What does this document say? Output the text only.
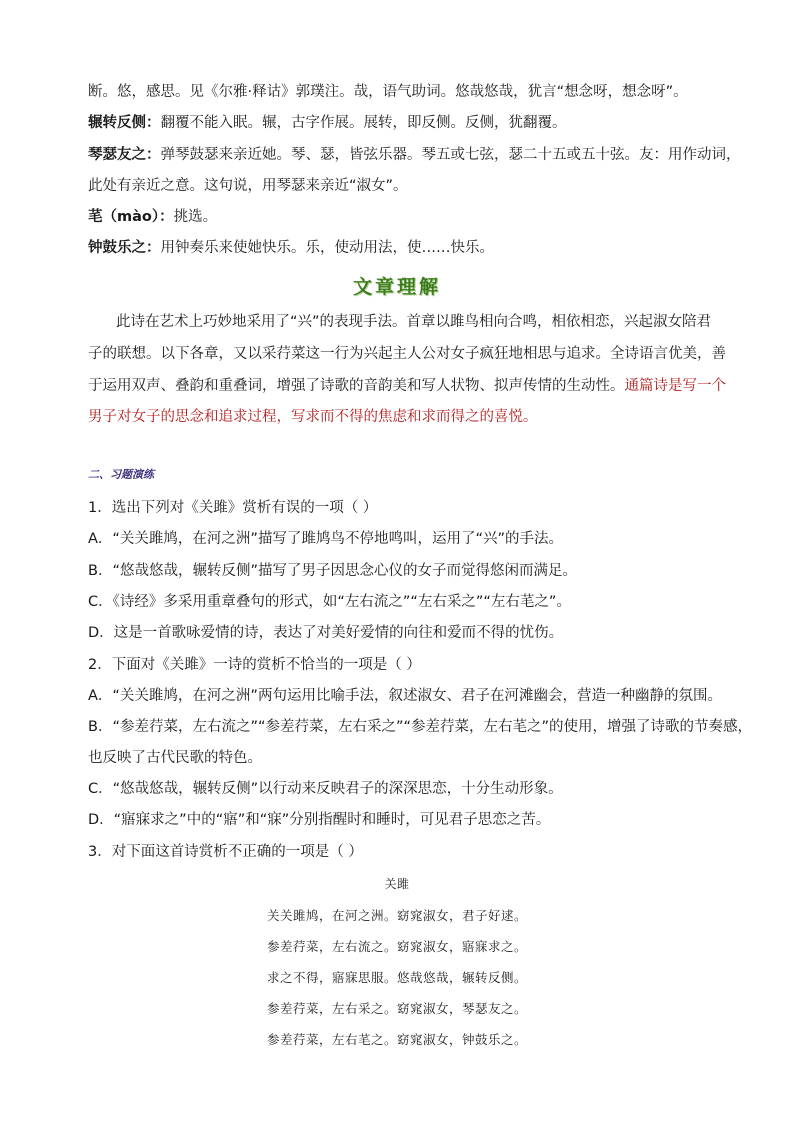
断。悠，感思。见《尔雅·释诂》郭璞注。哉，语气助词。悠哉悠哉，犹言“想念呀，想念呀”。
辗转反侧：翻覆不能入眠。辗，古字作展。展转，即反侧。反侧，犹翻覆。
琴瑟友之：弹琴鼓瑟来亲近她。琴、瑟，皆弦乐器。琴五或七弦，瑟二十五或五十弦。友：用作动词，
此处有亲近之意。这句说，用琴瑟来亲近“淑女”。
芼（mào）：挑选。
钟鼓乐之：用钟奏乐来使她快乐。乐，使动用法，使……快乐。
文章理解
此诗在艺术上巧妙地采用了“兴”的表现手法。首章以雎鸟相向合鸣，相依相恋，兴起淑女陪君
子的联想。以下各章，又以采荇菜这一行为兴起主人公对女子疯狂地相思与追求。全诗语言优美，善
于运用双声、叠韵和重叠词，增强了诗歌的音韵美和写人状物、拟声传情的生动性。通篇诗是写一个
男子对女子的思念和追求过程，写求而不得的焦虑和求而得之的喜悦。
二、习题演练
1．选出下列对《关雎》赏析有误的一项（ ）
A．“关关雎鸠，在河之洲”描写了雎鸠鸟不停地鸣叫，运用了“兴”的手法。
B．“悠哉悠哉，辗转反侧”描写了男子因思念心仪的女子而觉得悠闲而满足。
C．《诗经》多采用重章叠句的形式，如“左右流之”“左右采之”“左右芼之”。
D．这是一首歌咏爱情的诗，表达了对美好爱情的向往和爱而不得的忧伤。
2．下面对《关雎》一诗的赏析不恰当的一项是（ ）
A．“关关雎鸠，在河之洲”两句运用比喻手法，叙述淑女、君子在河滩幽会，营造一种幽静的氛围。
B．“参差荇菜，左右流之”“参差荇菜，左右采之”“参差荇菜，左右芼之”的使用，增强了诗歌的节奏感，
也反映了古代民歌的特色。
C．“悠哉悠哉，辗转反侧”以行动来反映君子的深深思恋，十分生动形象。
D．“寤寐求之”中的“寤”和“寐”分别指醒时和睡时，可见君子思恋之苦。
3．对下面这首诗赏析不正确的一项是（ ）
关雎
关关雎鸠，在河之洲。窈窕淑女，君子好逑。
参差荇菜，左右流之。窈窕淑女，寤寐求之。
求之不得，寤寐思服。悠哉悠哉，辗转反侧。
参差荇菜，左右采之。窈窕淑女，琴瑟友之。
参差荇菜，左右芼之。窈窕淑女，钟鼓乐之。
